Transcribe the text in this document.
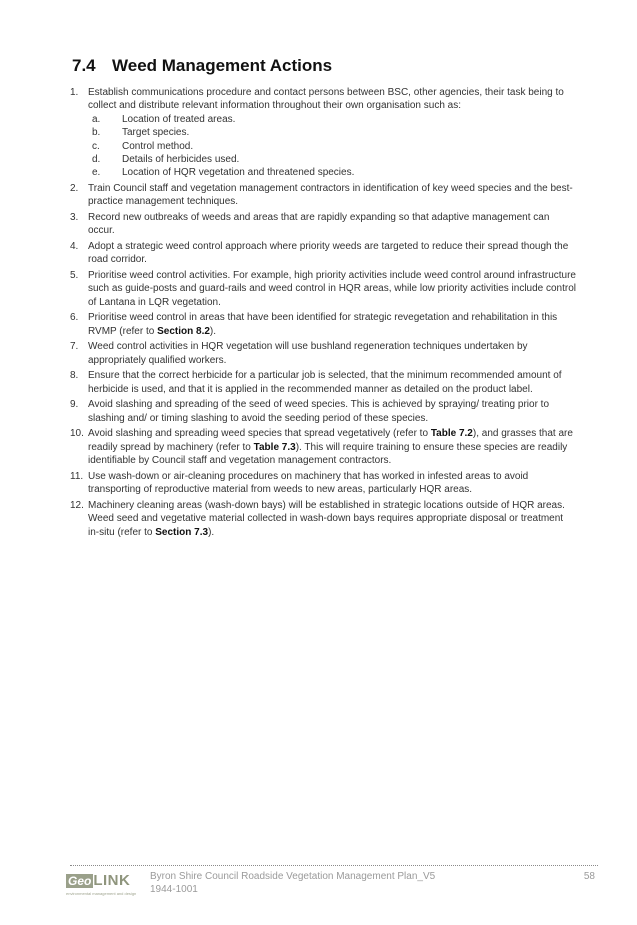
7.4 Weed Management Actions
1. Establish communications procedure and contact persons between BSC, other agencies, their task being to collect and distribute relevant information throughout their own organisation such as:
a.	Location of treated areas.
b.	Target species.
c.	Control method.
d.	Details of herbicides used.
e.	Location of HQR vegetation and threatened species.
2. Train Council staff and vegetation management contractors in identification of key weed species and the best-practice management techniques.
3. Record new outbreaks of weeds and areas that are rapidly expanding so that adaptive management can occur.
4. Adopt a strategic weed control approach where priority weeds are targeted to reduce their spread though the road corridor.
5. Prioritise weed control activities. For example, high priority activities include weed control around infrastructure such as guide-posts and guard-rails and weed control in HQR areas, while low priority activities include control of Lantana in LQR vegetation.
6. Prioritise weed control in areas that have been identified for strategic revegetation and rehabilitation in this RVMP (refer to Section 8.2).
7. Weed control activities in HQR vegetation will use bushland regeneration techniques undertaken by appropriately qualified workers.
8. Ensure that the correct herbicide for a particular job is selected, that the minimum recommended amount of herbicide is used, and that it is applied in the recommended manner as detailed on the product label.
9. Avoid slashing and spreading of the seed of weed species. This is achieved by spraying/ treating prior to slashing and/ or timing slashing to avoid the seeding period of these species.
10. Avoid slashing and spreading weed species that spread vegetatively (refer to Table 7.2), and grasses that are readily spread by machinery (refer to Table 7.3). This will require training to ensure these species are readily identifiable by Council staff and vegetation management contractors.
11. Use wash-down or air-cleaning procedures on machinery that has worked in infested areas to avoid transporting of reproductive material from weeds to new areas, particularly HQR areas.
12. Machinery cleaning areas (wash-down bays) will be established in strategic locations outside of HQR areas. Weed seed and vegetative material collected in wash-down bays requires appropriate disposal or treatment in-situ (refer to Section 7.3).
Geo LINK
environmental management and design
Byron Shire Council Roadside Vegetation Management Plan_V5
1944-1001
58
